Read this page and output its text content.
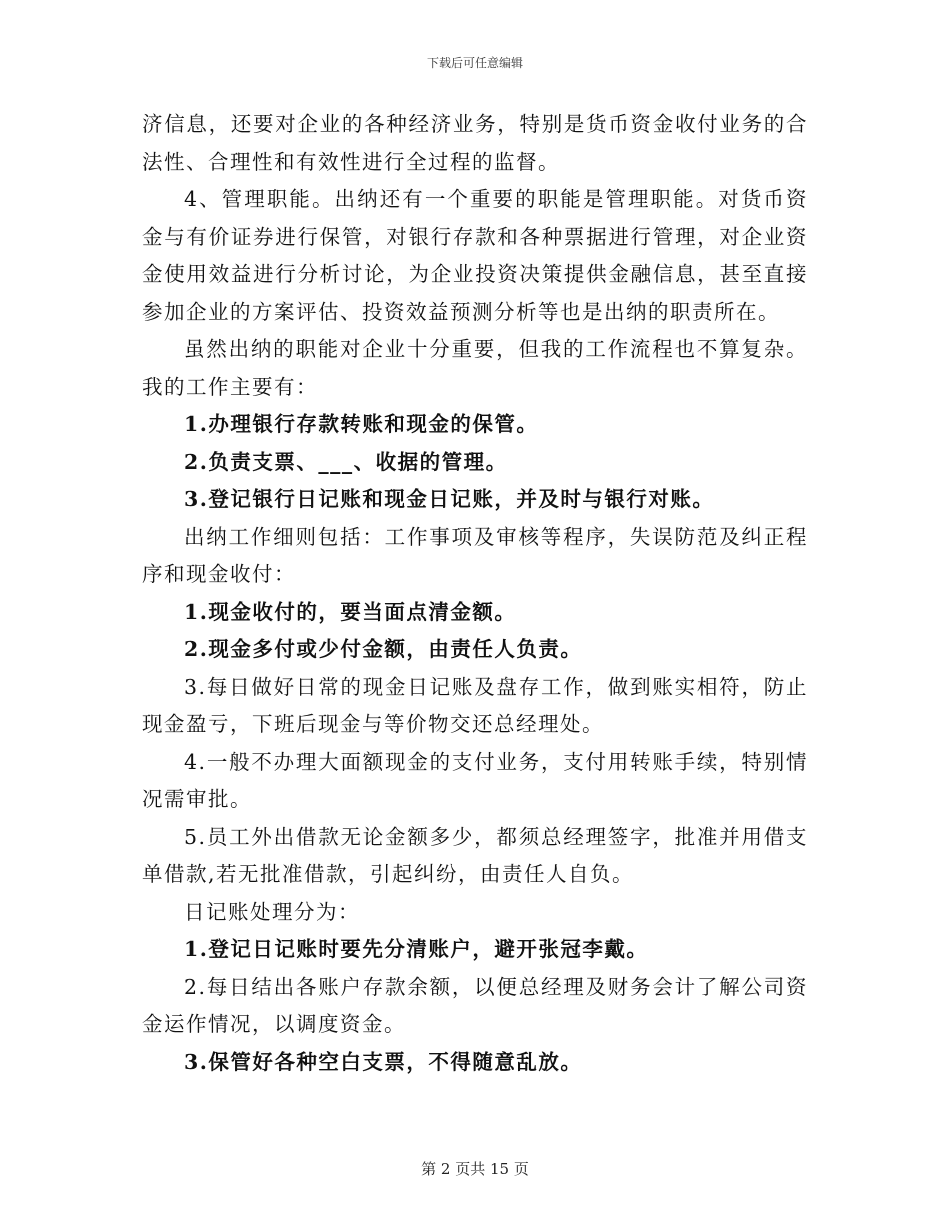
下载后可任意编辑

济信息，还要对企业的各种经济业务，特别是货币资金收付业务的合法性、合理性和有效性进行全过程的监督。

4、管理职能。出纳还有一个重要的职能是管理职能。对货币资金与有价证券进行保管，对银行存款和各种票据进行管理，对企业资金使用效益进行分析讨论，为企业投资决策提供金融信息，甚至直接参加企业的方案评估、投资效益预测分析等也是出纳的职责所在。

虽然出纳的职能对企业十分重要，但我的工作流程也不算复杂。我的工作主要有：

1.办理银行存款转账和现金的保管。

2.负责支票、___、收据的管理。

3.登记银行日记账和现金日记账，并及时与银行对账。

出纳工作细则包括：工作事项及审核等程序，失误防范及纠正程序和现金收付：

1.现金收付的，要当面点清金额。

2.现金多付或少付金额，由责任人负责。

3.每日做好日常的现金日记账及盘存工作，做到账实相符，防止现金盈亏，下班后现金与等价物交还总经理处。

4.一般不办理大面额现金的支付业务，支付用转账手续，特别情况需审批。

5.员工外出借款无论金额多少，都须总经理签字，批准并用借支单借款,若无批准借款，引起纠纷，由责任人自负。

日记账处理分为：

1.登记日记账时要先分清账户，避开张冠李戴。

2.每日结出各账户存款余额，以便总经理及财务会计了解公司资金运作情况，以调度资金。

3.保管好各种空白支票，不得随意乱放。

第 2 页共 15 页
